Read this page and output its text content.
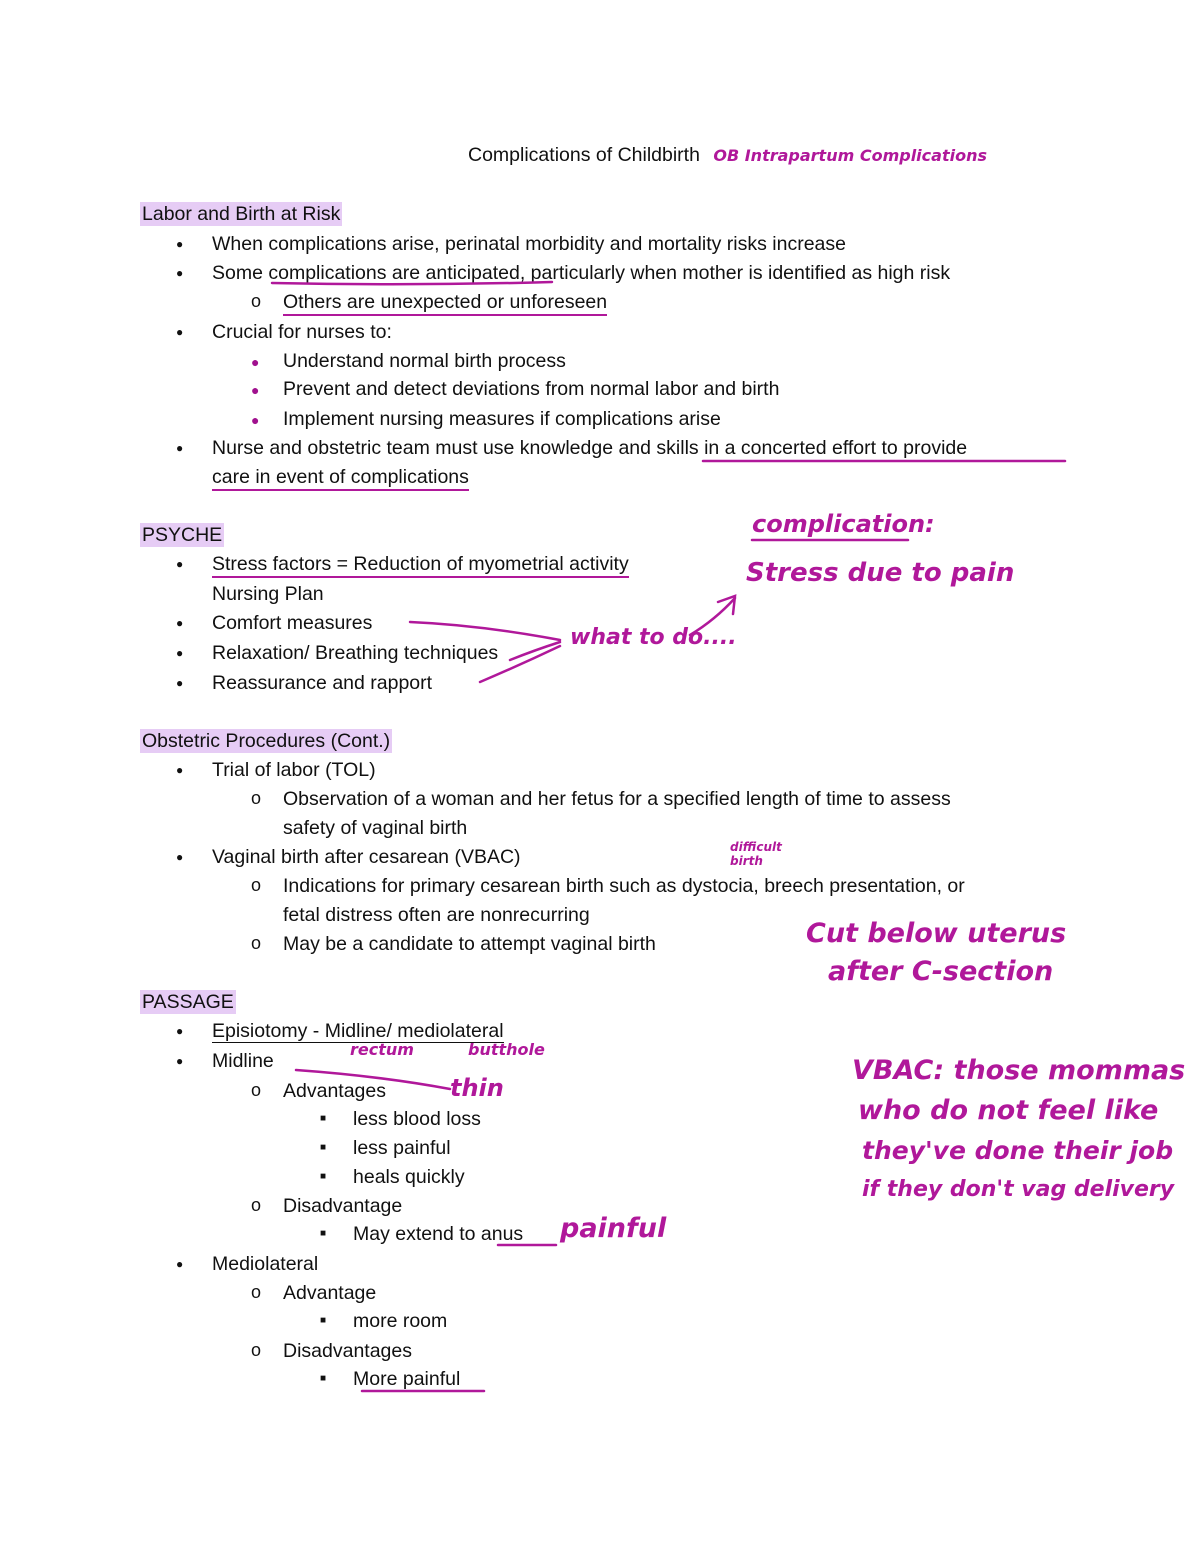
Complications of Childbirth OB Intrapartum Complications
Labor and Birth at Risk
● When complications arise, perinatal morbidity and mortality risks increase
● Some complications are anticipated, particularly when mother is identified as high risk
o Others are unexpected or unforeseen
● Crucial for nurses to:
● Understand normal birth process
● Prevent and detect deviations from normal labor and birth
● Implement nursing measures if complications arise
● Nurse and obstetric team must use knowledge and skills in a concerted effort to provide
care in event of complications
PSYCHE
● Stress factors = Reduction of myometrial activity
Nursing Plan
● Comfort measures
● Relaxation/ Breathing techniques
● Reassurance and rapport
Obstetric Procedures (Cont.)
● Trial of labor (TOL)
o Observation of a woman and her fetus for a specified length of time to assess
safety of vaginal birth
● Vaginal birth after cesarean (VBAC)
o Indications for primary cesarean birth such as dystocia, breech presentation, or
fetal distress often are nonrecurring
o May be a candidate to attempt vaginal birth
PASSAGE
● Episiotomy - Midline/ mediolateral
● Midline
o Advantages
■ less blood loss
■ less painful
■ heals quickly
o Disadvantage
■ May extend to anus
● Mediolateral
o Advantage
■ more room
o Disadvantages
■ More painful
complication:
Stress due to pain
what to do....
difficult birth
Cut below uterus
after C-section
rectum	butthole
thin
painful
VBAC: those mommas
who do not feel like
they've done their job
if they don't vag delivery
